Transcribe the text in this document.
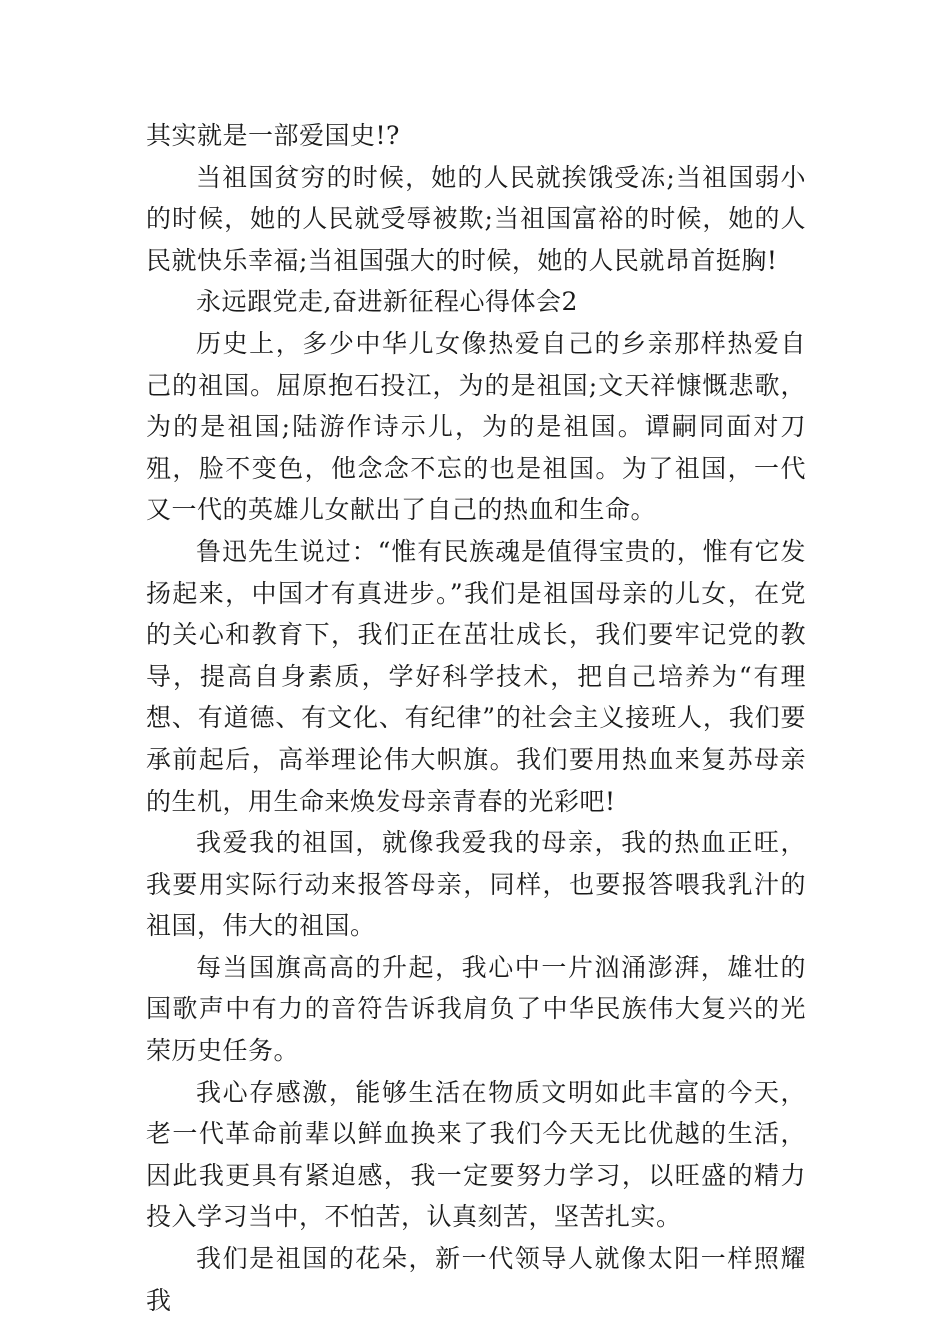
其实就是一部爱国史!?

当祖国贫穷的时候，她的人民就挨饿受冻;当祖国弱小的时候，她的人民就受辱被欺;当祖国富裕的时候，她的人民就快乐幸福;当祖国强大的时候，她的人民就昂首挺胸!

永远跟党走,奋进新征程心得体会2

历史上，多少中华儿女像热爱自己的乡亲那样热爱自己的祖国。屈原抱石投江，为的是祖国;文天祥慷慨悲歌，为的是祖国;陆游作诗示儿，为的是祖国。谭嗣同面对刀殂，脸不变色，他念念不忘的也是祖国。为了祖国，一代又一代的英雄儿女献出了自己的热血和生命。

鲁迅先生说过：“惟有民族魂是值得宝贵的，惟有它发扬起来，中国才有真进步。”我们是祖国母亲的儿女，在党的关心和教育下，我们正在茁壮成长，我们要牢记党的教导，提高自身素质，学好科学技术，把自己培养为“有理想、有道德、有文化、有纪律”的社会主义接班人，我们要承前起后，高举理论伟大帜旗。我们要用热血来复苏母亲的生机，用生命来焕发母亲青春的光彩吧!

我爱我的祖国，就像我爱我的母亲，我的热血正旺，我要用实际行动来报答母亲，同样，也要报答喂我乳汁的祖国，伟大的祖国。

每当国旗高高的升起，我心中一片汹涌澎湃，雄壮的国歌声中有力的音符告诉我肩负了中华民族伟大复兴的光荣历史任务。

我心存感激，能够生活在物质文明如此丰富的今天，老一代革命前辈以鲜血换来了我们今天无比优越的生活，因此我更具有紧迫感，我一定要努力学习，以旺盛的精力投入学习当中，不怕苦，认真刻苦，坚苦扎实。

我们是祖国的花朵，新一代领导人就像太阳一样照耀我
